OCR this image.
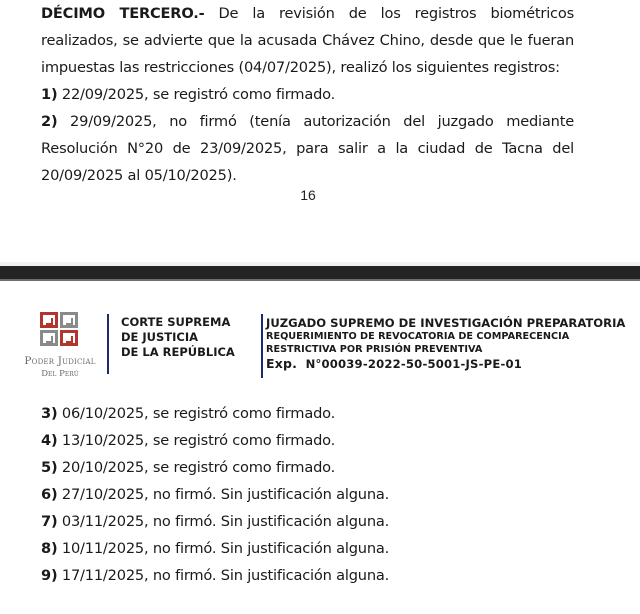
DÉCIMO TERCERO.- De la revisión de los registros biométricos realizados, se advierte que la acusada Chávez Chino, desde que le fueran impuestas las restricciones (04/07/2025), realizó los siguientes registros:

1) 22/09/2025, se registró como firmado.

2) 29/09/2025, no firmó (tenía autorización del juzgado mediante Resolución N°20 de 23/09/2025, para salir a la ciudad de Tacna del 20/09/2025 al 05/10/2025).

16
Poder Judicial
Del Perú
CORTE SUPREMA
DE JUSTICIA
DE LA REPÚBLICA
JUZGADO SUPREMO DE INVESTIGACIÓN PREPARATORIA
REQUERIMIENTO DE REVOCATORIA DE COMPARECENCIA
RESTRICTIVA POR PRISIÓN PREVENTIVA
Exp. N°00039-2022-50-5001-JS-PE-01

3) 06/10/2025, se registró como firmado.

4) 13/10/2025, se registró como firmado.

5) 20/10/2025, se registró como firmado.

6) 27/10/2025, no firmó. Sin justificación alguna.

7) 03/11/2025, no firmó. Sin justificación alguna.

8) 10/11/2025, no firmó. Sin justificación alguna.

9) 17/11/2025, no firmó. Sin justificación alguna.
